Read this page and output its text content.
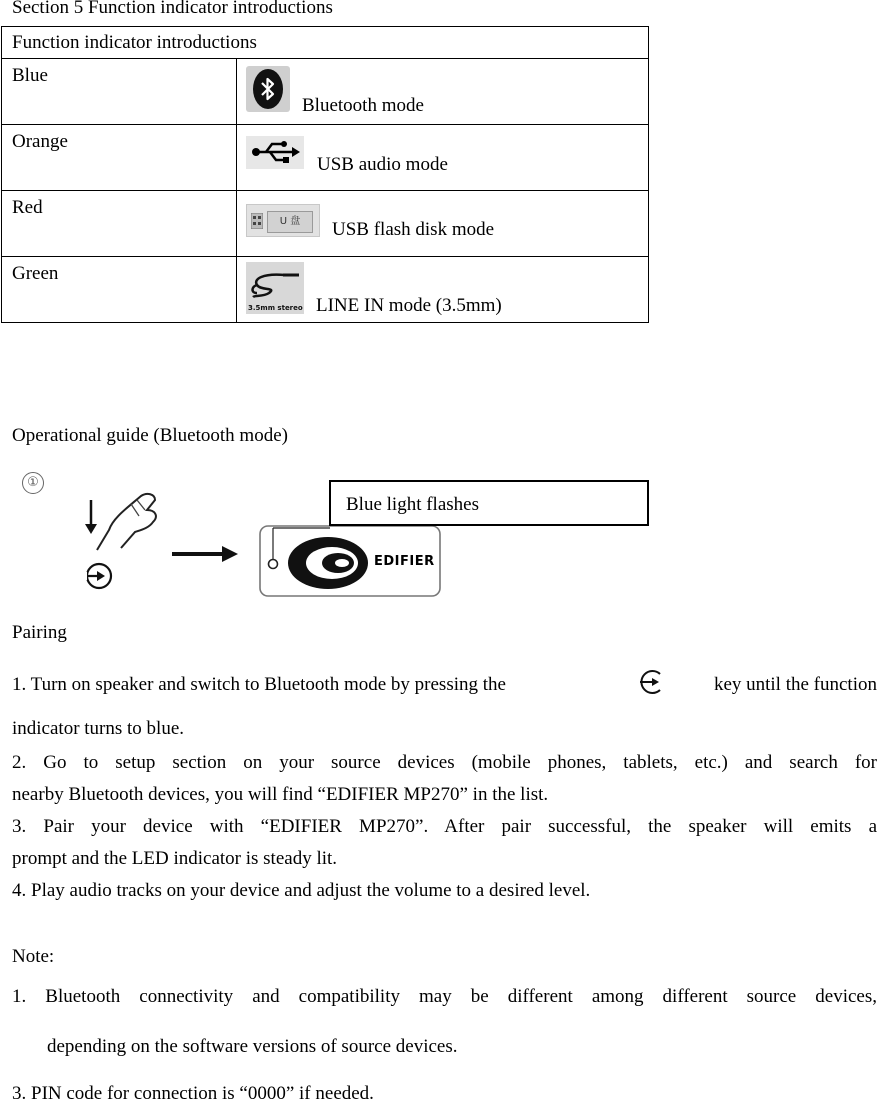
Section 5 Function indicator introductions
Function indicator introductions	

Blue	Bluetooth mode

Orange	USB audio mode

Red	U 盘 USB flash disk mode

Green	3.5mm stereo LINE IN mode (3.5mm)
Operational guide (Bluetooth mode)
①
EDIFIER
Blue light flashes
Pairing
1. Turn on speaker and switch to Bluetooth mode by pressing the	key until the function
indicator turns to blue.
2. Go to setup section on your source devices (mobile phones, tablets, etc.) and search for
nearby Bluetooth devices, you will find “EDIFIER MP270” in the list.
3. Pair your device with “EDIFIER MP270”. After pair successful, the speaker will emits a
prompt and the LED indicator is steady lit.
4. Play audio tracks on your device and adjust the volume to a desired level.
Note:
1. Bluetooth connectivity and compatibility may be different among different source devices,
depending on the software versions of source devices.
3. PIN code for connection is “0000” if needed.
